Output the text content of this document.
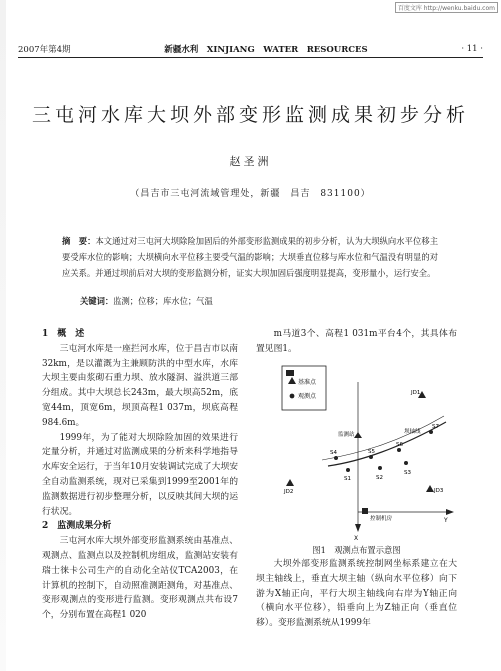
百度文库 http://wenku.baidu.com
2007年第4期	新疆水利　XINJIANG　WATER　RESOURCES	· 11 ·
三屯河水库大坝外部变形监测成果初步分析
赵圣洲
（昌吉市三屯河流域管理处，新疆　昌吉　831100）
摘　要：本文通过对三屯河大坝除险加固后的外部变形监测成果的初步分析，认为大坝纵向水平位移主要受库水位的影响；大坝横向水平位移主要受气温的影响；大坝垂直位移与库水位和气温没有明显的对应关系。并通过坝前后对大坝的变形监测分析，证实大坝加固后强度明显提高，变形量小，运行安全。
关键词：监测；位移；库水位；气温

1　概　述

三屯河水库是一座拦河水库，位于昌吉市以南32km，是以灌溉为主兼顾防洪的中型水库，水库大坝主要由浆砌石重力坝、放水隧洞、溢洪道三部分组成。其中大坝总长243m，最大坝高52m，底宽44m，顶宽6m，坝顶高程1 037m，坝底高程984.6m。

1999年，为了能对大坝除险加固的效果进行定量分析，并通过对监测成果的分析来科学地指导水库安全运行，于当年10月安装调试完成了大坝安全自动监测系统，现对已采集到1999至2001年的监测数据进行初步整理分析，以反映其间大坝的运行状况。

2　监测成果分析

三屯河水库大坝外部变形监测系统由基准点、观测点、监测点以及控制机房组成，监测站安装有瑞士徕卡公司生产的自动化全站仪TCA2003，在计算机的控制下，自动照准测距测角，对基准点、变形观测点的变形进行监测。变形观测点共布设7个，分别布置在高程1 020

m马道3个、高程1 031m平台4个，其具体布置见图1。

基准点
观测点
X
Y
JD1
JD2	JD3
监测站	坝轴线
S4	S5
S6
S7
S1	S2
S3
控制机房
图1　观测点布置示意图

大坝外部变形监测系统控制网坐标系建立在大坝主轴线上，垂直大坝主轴（纵向水平位移）向下游为X轴正向，平行大坝主轴线向右岸为Y轴正向（横向水平位移），铅垂向上为Z轴正向（垂直位移）。变形监测系统从1999年
